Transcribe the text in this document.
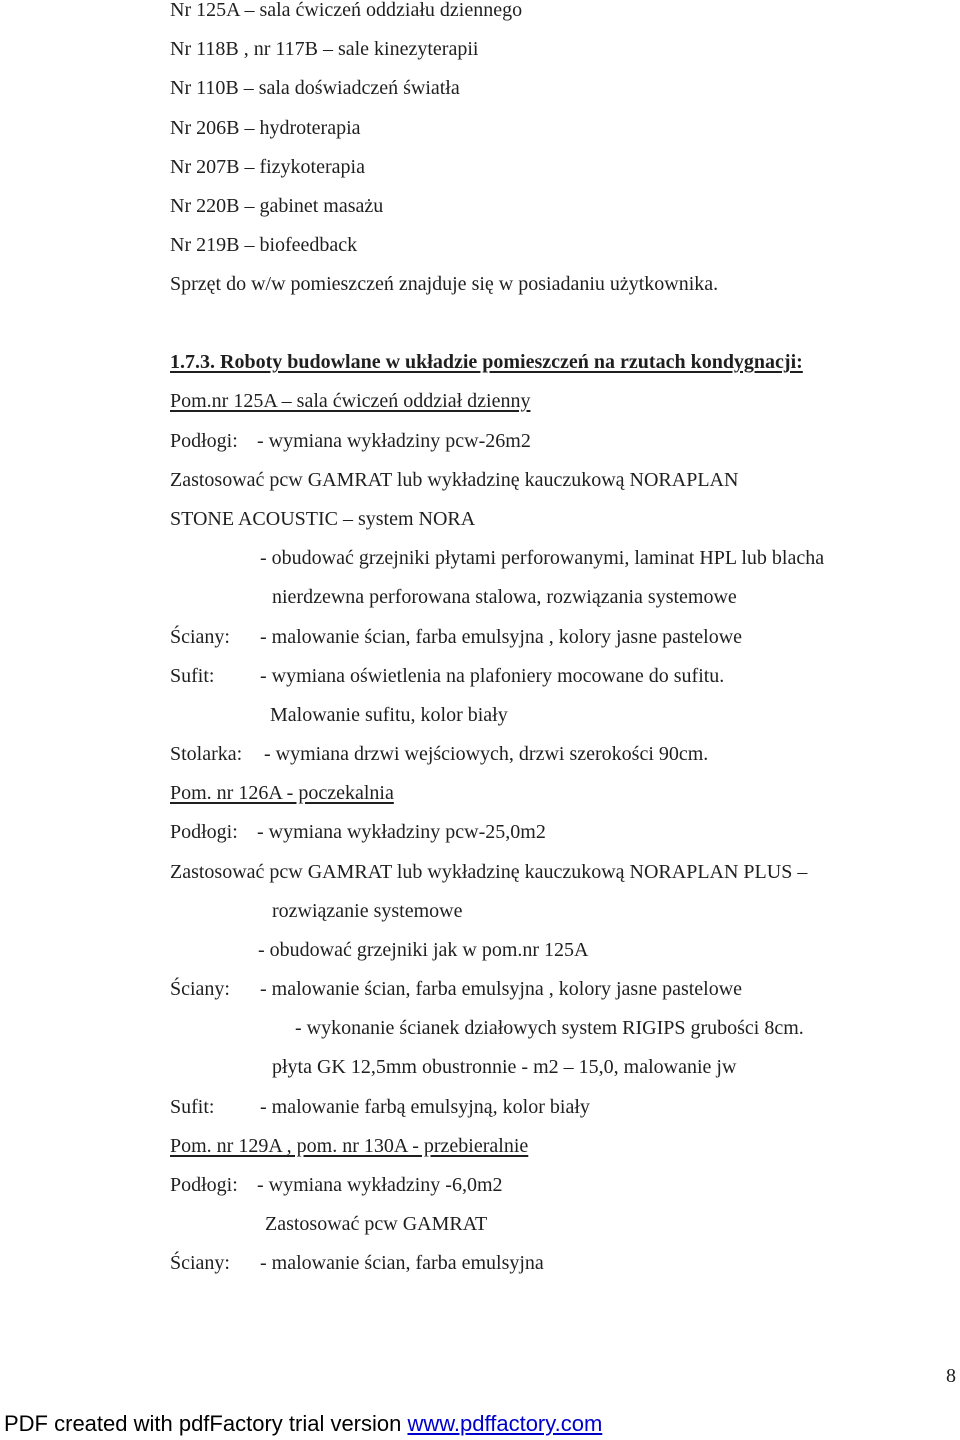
Nr 125A – sala ćwiczeń oddziału dziennego
Nr 118B , nr 117B – sale kinezyterapii
Nr 110B – sala doświadczeń światła
Nr 206B – hydroterapia
Nr 207B – fizykoterapia
Nr 220B – gabinet masażu
Nr 219B – biofeedback
Sprzęt do w/w pomieszczeń znajduje się w posiadaniu użytkownika.
1.7.3. Roboty budowlane w układzie pomieszczeń na rzutach kondygnacji:
Pom.nr 125A – sala ćwiczeń oddział dzienny
Podłogi: - wymiana wykładziny pcw-26m2
Zastosować pcw GAMRAT lub wykładzinę kauczukową NORAPLAN
STONE ACOUSTIC – system NORA
- obudować grzejniki płytami perforowanymi, laminat HPL lub blacha
nierdzewna perforowana stalowa, rozwiązania systemowe
Ściany: - malowanie ścian, farba emulsyjna , kolory jasne pastelowe
Sufit: - wymiana oświetlenia na plafoniery mocowane do sufitu.
Malowanie sufitu, kolor biały
Stolarka: - wymiana drzwi wejściowych, drzwi szerokości 90cm.
Pom. nr 126A - poczekalnia
Podłogi: - wymiana wykładziny pcw-25,0m2
Zastosować pcw GAMRAT lub wykładzinę kauczukową NORAPLAN PLUS –
rozwiązanie systemowe
- obudować grzejniki jak w pom.nr 125A
Ściany: - malowanie ścian, farba emulsyjna , kolory jasne pastelowe
- wykonanie ścianek działowych system RIGIPS grubości 8cm.
płyta GK 12,5mm obustronnie - m2 – 15,0, malowanie jw
Sufit: - malowanie farbą emulsyjną, kolor biały
Pom. nr 129A , pom. nr 130A - przebieralnie
Podłogi: - wymiana wykładziny -6,0m2
Zastosować pcw GAMRAT
Ściany: - malowanie ścian, farba emulsyjna
8
PDF created with pdfFactory trial version www.pdffactory.com
